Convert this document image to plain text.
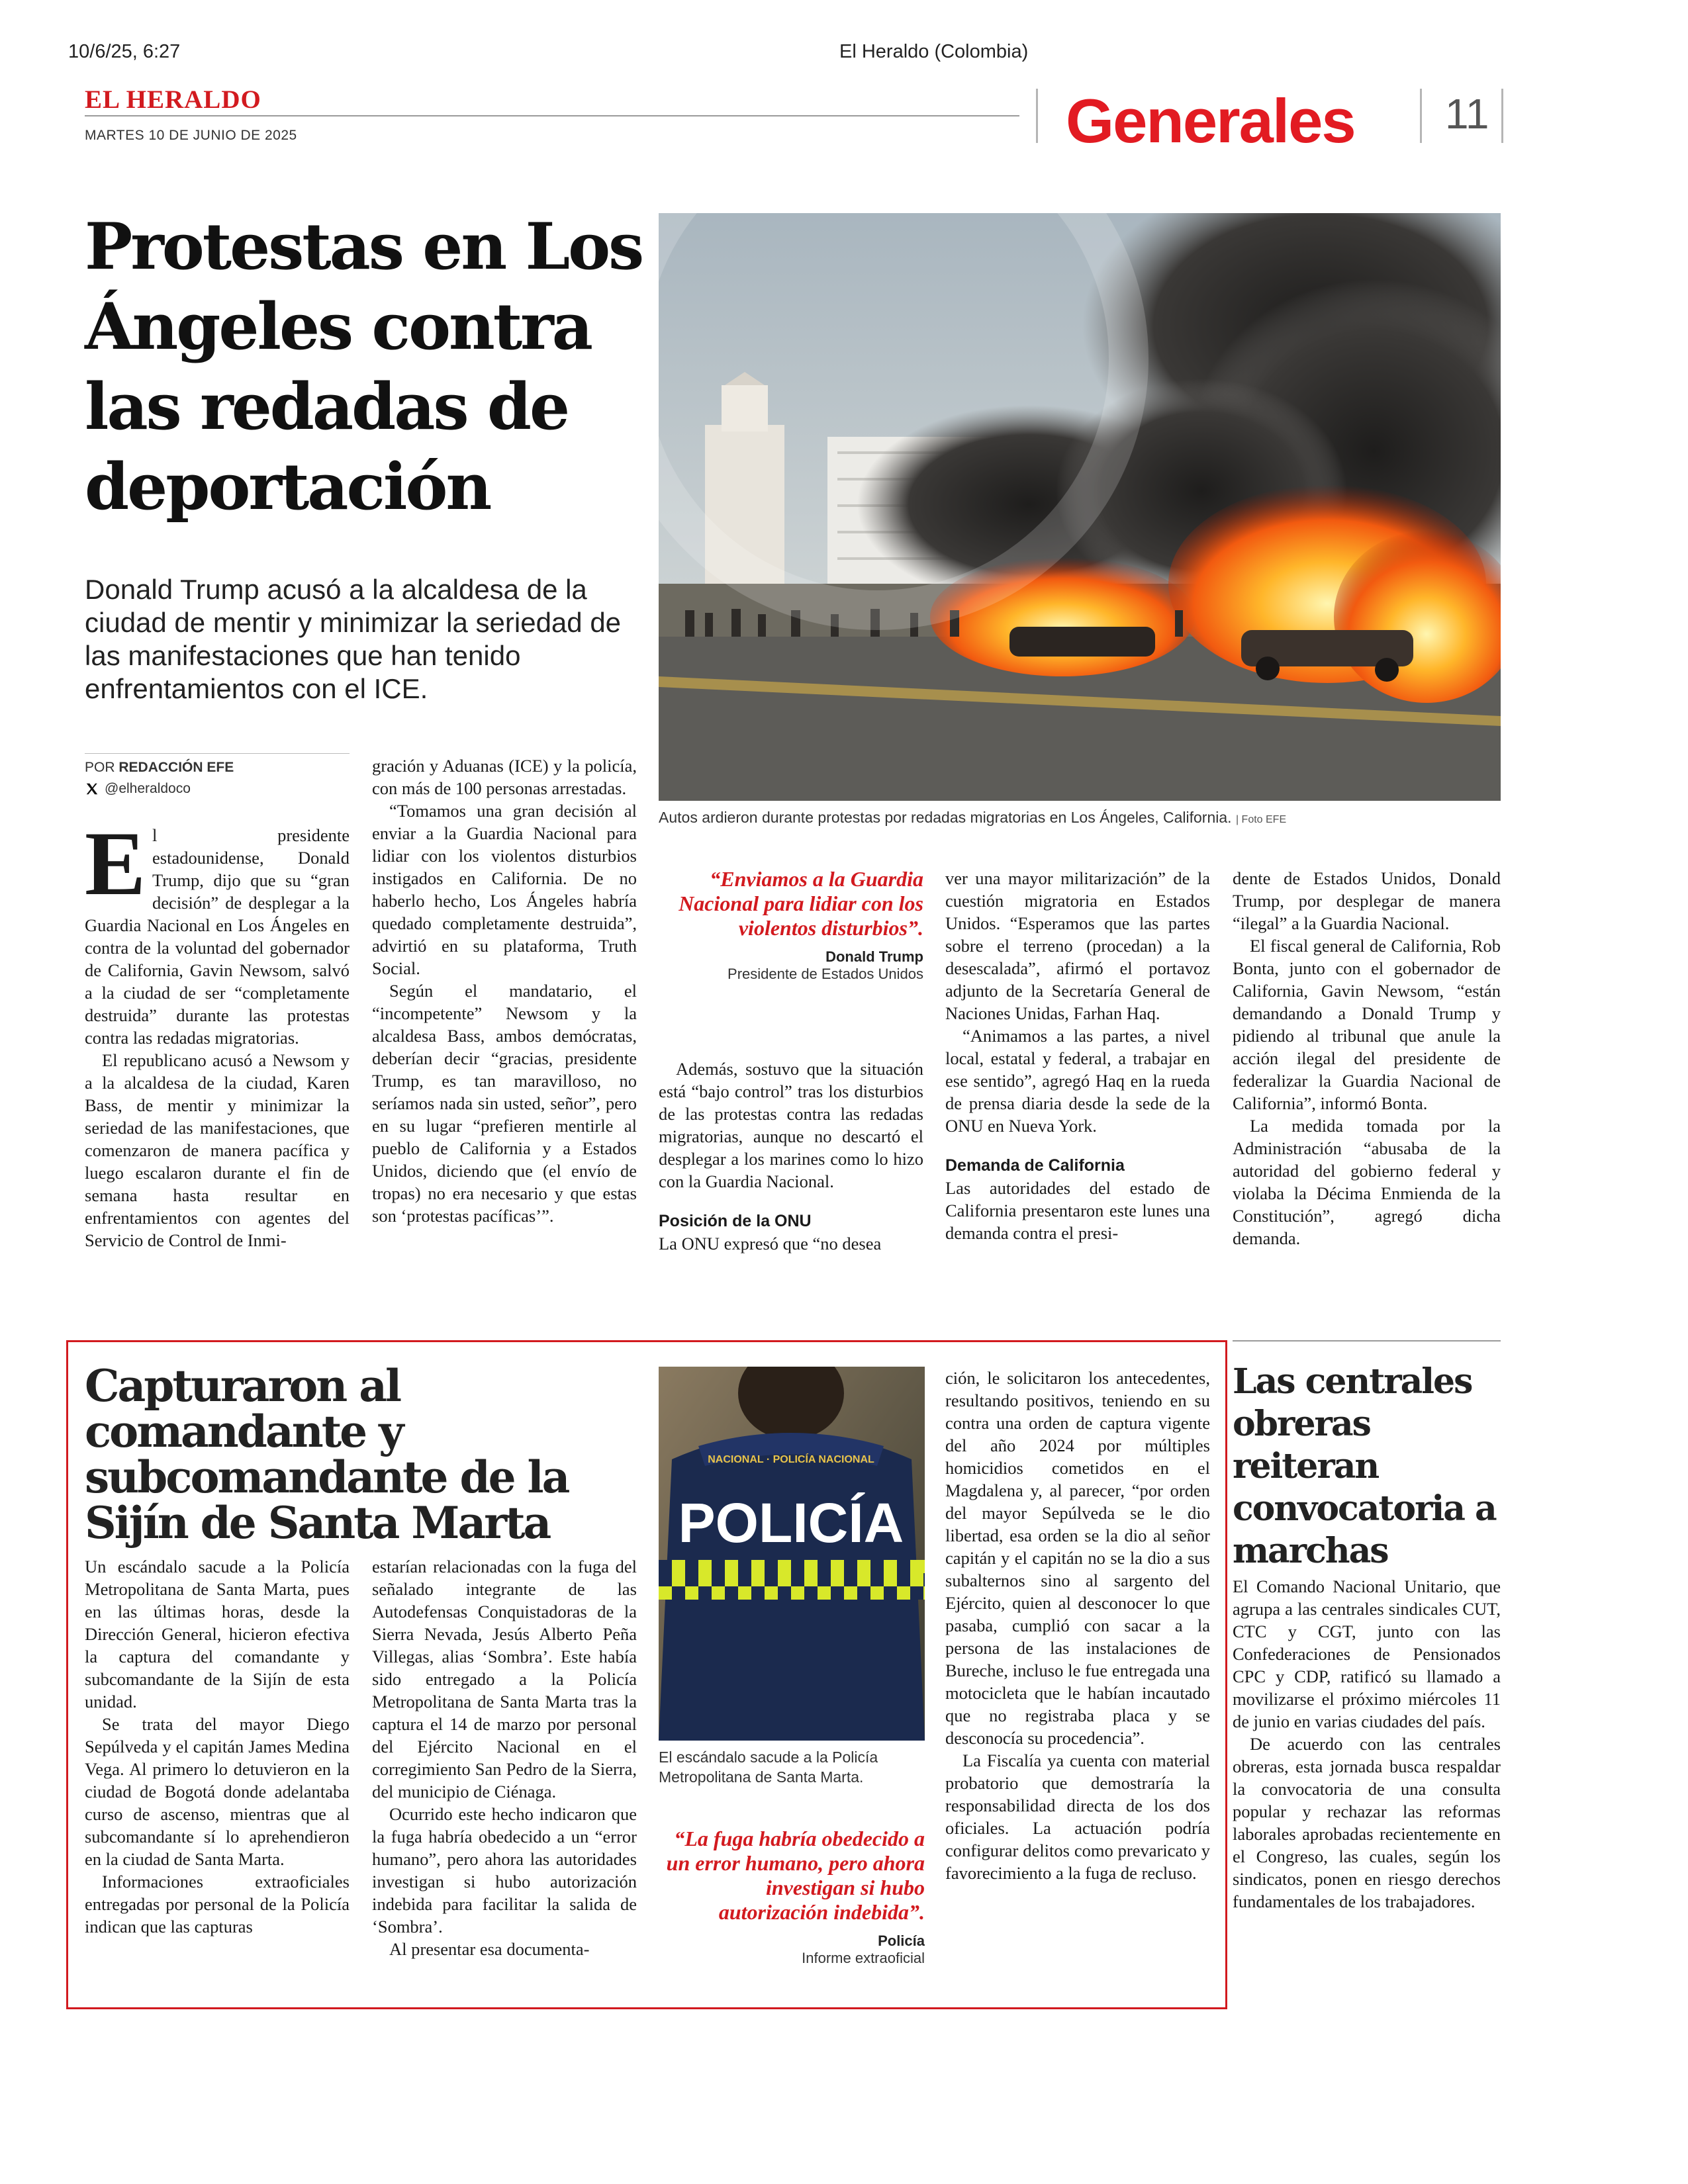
10/6/25, 6:27	El Heraldo (Colombia)
EL HERALDO
MARTES 10 DE JUNIO DE 2025	Generales 11
Protestas en Los Ángeles contra las redadas de deportación
Donald Trump acusó a la alcaldesa de la ciudad de mentir y minimizar la seriedad de las manifestaciones que han tenido enfrentamientos con el ICE.
Autos ardieron durante protestas por redadas migratorias en Los Ángeles, California. | Foto EFE
POR REDACCIÓN EFE
@elheraldoco

El presidente estadounidense, Donald Trump, dijo que su “gran decisión” de desplegar a la Guardia Nacional en Los Ángeles en contra de la voluntad del gobernador de California, Gavin Newsom, salvó a la ciudad de ser “completamente destruida” durante las protestas contra las redadas migratorias.

El republicano acusó a Newsom y a la alcaldesa de la ciudad, Karen Bass, de mentir y minimizar la seriedad de las manifestaciones, que comenzaron de manera pacífica y luego escalaron durante el fin de semana hasta resultar en enfrentamientos con agentes del Servicio de Control de Inmi-

gración y Aduanas (ICE) y la policía, con más de 100 personas arrestadas.

“Tomamos una gran decisión al enviar a la Guardia Nacional para lidiar con los violentos disturbios instigados en California. De no haberlo hecho, Los Ángeles habría quedado completamente destruida”, advirtió en su plataforma, Truth Social.

Según el mandatario, el “incompetente” Newsom y la alcaldesa Bass, ambos demócratas, deberían decir “gracias, presidente Trump, es tan maravilloso, no seríamos nada sin usted, señor”, pero en su lugar “prefieren mentirle al pueblo de California y a Estados Unidos, diciendo que (el envío de tropas) no era necesario y que estas son ‘protestas pacíficas’”.

“Enviamos a la Guardia Nacional para lidiar con los violentos disturbios”.
Donald Trump
Presidente de Estados Unidos

Además, sostuvo que la situación está “bajo control” tras los disturbios de las protestas contra las redadas migratorias, aunque no descartó el desplegar a los marines como lo hizo con la Guardia Nacional.

Posición de la ONU

La ONU expresó que “no desea

ver una mayor militarización” de la cuestión migratoria en Estados Unidos. “Esperamos que las partes sobre el terreno (procedan) a la desescalada”, afirmó el portavoz adjunto de la Secretaría General de Naciones Unidas, Farhan Haq.

“Animamos a las partes, a nivel local, estatal y federal, a trabajar en ese sentido”, agregó Haq en la rueda de prensa diaria desde la sede de la ONU en Nueva York.

Demanda de California

Las autoridades del estado de California presentaron este lunes una demanda contra el presi-

dente de Estados Unidos, Donald Trump, por desplegar de manera “ilegal” a la Guardia Nacional.

El fiscal general de California, Rob Bonta, junto con el gobernador de California, Gavin Newsom, “están demandando a Donald Trump y pidiendo al tribunal que anule la acción ilegal del presidente de federalizar la Guardia Nacional de California”, informó Bonta.

La medida tomada por la Administración “abusaba de la autoridad del gobierno federal y violaba la Décima Enmienda de la Constitución”, agregó dicha demanda.

Capturaron al comandante y subcomandante de la Sijín de Santa Marta
NACIONAL · POLICÍA NACIONAL
POLICÍA
El escándalo sacude a la Policía Metropolitana de Santa Marta.

Un escándalo sacude a la Policía Metropolitana de Santa Marta, pues en las últimas horas, desde la Dirección General, hicieron efectiva la captura del comandante y subcomandante de la Sijín de esta unidad.

Se trata del mayor Diego Sepúlveda y el capitán James Medina Vega. Al primero lo detuvieron en la ciudad de Bogotá donde adelantaba curso de ascenso, mientras que al subcomandante sí lo aprehendieron en la ciudad de Santa Marta.

Informaciones extraoficiales entregadas por personal de la Policía indican que las capturas

estarían relacionadas con la fuga del señalado integrante de las Autodefensas Conquistadoras de la Sierra Nevada, Jesús Alberto Peña Villegas, alias ‘Sombra’. Este había sido entregado a la Policía Metropolitana de Santa Marta tras la captura el 14 de marzo por personal del Ejército Nacional en el corregimiento San Pedro de la Sierra, del municipio de Ciénaga.

Ocurrido este hecho indicaron que la fuga habría obedecido a un “error humano”, pero ahora las autoridades investigan si hubo autorización indebida para facilitar la salida de ‘Sombra’.

Al presentar esa documenta-

“La fuga habría obedecido a un error humano, pero ahora investigan si hubo autorización indebida”.
Policía
Informe extraoficial

ción, le solicitaron los antecedentes, resultando positivos, teniendo en su contra una orden de captura vigente del año 2024 por múltiples homicidios cometidos en el Magdalena y, al parecer, “por orden del mayor Sepúlveda se le dio libertad, esa orden se la dio al señor capitán y el capitán no se la dio a sus subalternos sino al sargento del Ejército, quien al desconocer lo que pasaba, cumplió con sacar a la persona de las instalaciones de Bureche, incluso le fue entregada una motocicleta que le habían incautado que no registraba placa y se desconocía su procedencia”.

La Fiscalía ya cuenta con material probatorio que demostraría la responsabilidad directa de los dos oficiales. La actuación podría configurar delitos como prevaricato y favorecimiento a la fuga de recluso.

Las centrales obreras reiteran convocatoria a marchas

El Comando Nacional Unitario, que agrupa a las centrales sindicales CUT, CTC y CGT, junto con las Confederaciones de Pensionados CPC y CDP, ratificó su llamado a movilizarse el próximo miércoles 11 de junio en varias ciudades del país.

De acuerdo con las centrales obreras, esta jornada busca respaldar la convocatoria de una consulta popular y rechazar las reformas laborales aprobadas recientemente en el Congreso, las cuales, según los sindicatos, ponen en riesgo derechos fundamentales de los trabajadores.
